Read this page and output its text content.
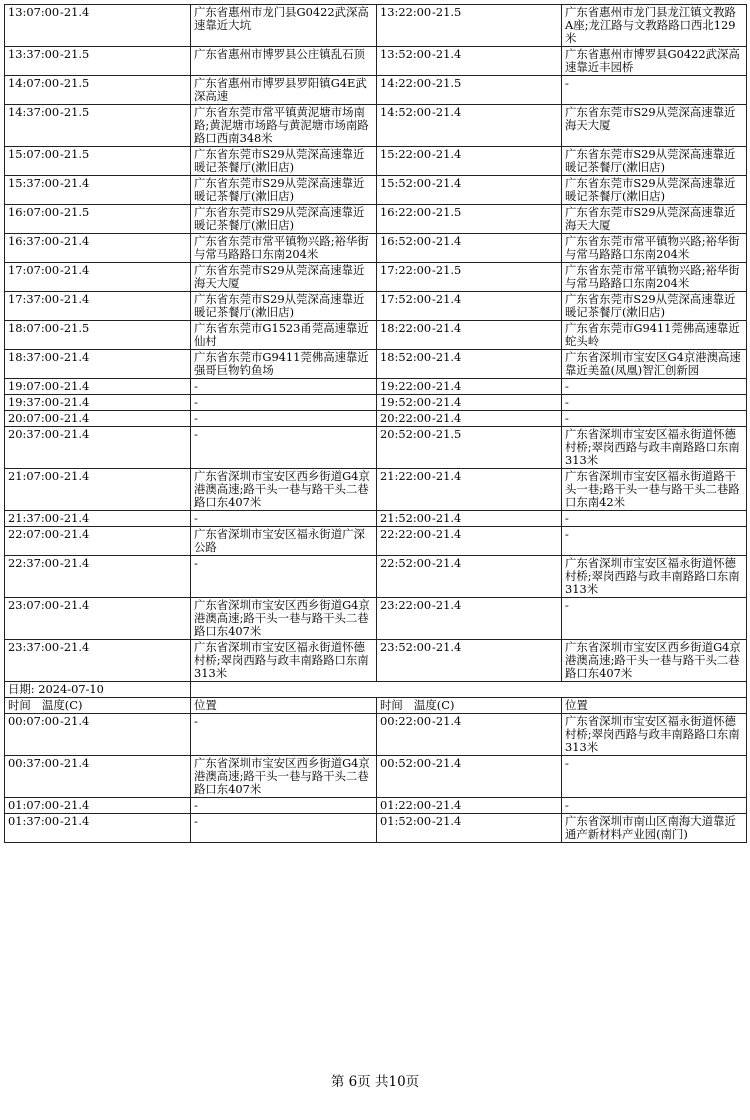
13:07:00-21.4	广东省惠州市龙门县G0422武深高速靠近大坑	13:22:00-21.5	广东省惠州市龙门县龙江镇文教路A座;龙江路与文教路路口西北129米
13:37:00-21.5	广东省惠州市博罗县公庄镇乱石顶	13:52:00-21.4	广东省惠州市博罗县G0422武深高速靠近丰园桥
14:07:00-21.5	广东省惠州市博罗县罗阳镇G4E武深高速	14:22:00-21.5	-
14:37:00-21.5	广东省东莞市常平镇黄泥塘市场南路;黄泥塘市场路与黄泥塘市场南路路口西南348米	14:52:00-21.4	广东省东莞市S29从莞深高速靠近海天大厦
15:07:00-21.5	广东省东莞市S29从莞深高速靠近暖记茶餐厅(漱旧店)	15:22:00-21.4	广东省东莞市S29从莞深高速靠近暖记茶餐厅(漱旧店)
15:37:00-21.4	广东省东莞市S29从莞深高速靠近暖记茶餐厅(漱旧店)	15:52:00-21.4	广东省东莞市S29从莞深高速靠近暖记茶餐厅(漱旧店)
16:07:00-21.5	广东省东莞市S29从莞深高速靠近暖记茶餐厅(漱旧店)	16:22:00-21.5	广东省东莞市S29从莞深高速靠近海天大厦
16:37:00-21.4	广东省东莞市常平镇物兴路;裕华街与常马路路口东南204米	16:52:00-21.4	广东省东莞市常平镇物兴路;裕华街与常马路路口东南204米
17:07:00-21.4	广东省东莞市S29从莞深高速靠近海天大厦	17:22:00-21.5	广东省东莞市常平镇物兴路;裕华街与常马路路口东南204米
17:37:00-21.4	广东省东莞市S29从莞深高速靠近暖记茶餐厅(漱旧店)	17:52:00-21.4	广东省东莞市S29从莞深高速靠近暖记茶餐厅(漱旧店)
18:07:00-21.5	广东省东莞市G1523甬莞高速靠近仙村	18:22:00-21.4	广东省东莞市G9411莞佛高速靠近蛇头岭
18:37:00-21.4	广东省东莞市G9411莞佛高速靠近强哥巨物钓鱼场	18:52:00-21.4	广东省深圳市宝安区G4京港澳高速靠近美盈(凤凰)智汇创新园
19:07:00-21.4	-	19:22:00-21.4	-
19:37:00-21.4	-	19:52:00-21.4	-
20:07:00-21.4	-	20:22:00-21.4	-
20:37:00-21.4	-	20:52:00-21.5	广东省深圳市宝安区福永街道怀德村桥;翠岗西路与政丰南路路口东南313米
21:07:00-21.4	广东省深圳市宝安区西乡街道G4京港澳高速;路干头一巷与路干头二巷路口东407米	21:22:00-21.4	广东省深圳市宝安区福永街道路干头一巷;路干头一巷与路干头二巷路口东南42米
21:37:00-21.4	-	21:52:00-21.4	-
22:07:00-21.4	广东省深圳市宝安区福永街道广深公路	22:22:00-21.4	-
22:37:00-21.4	-	22:52:00-21.4	广东省深圳市宝安区福永街道怀德村桥;翠岗西路与政丰南路路口东南313米
23:07:00-21.4	广东省深圳市宝安区西乡街道G4京港澳高速;路干头一巷与路干头二巷路口东407米	23:22:00-21.4	-
23:37:00-21.4	广东省深圳市宝安区福永街道怀德村桥;翠岗西路与政丰南路路口东南313米	23:52:00-21.4	广东省深圳市宝安区西乡街道G4京港澳高速;路干头一巷与路干头二巷路口东407米
日期: 2024-07-10			
时间 温度(C)	位置	时间 温度(C)	位置
00:07:00-21.4	-	00:22:00-21.4	广东省深圳市宝安区福永街道怀德村桥;翠岗西路与政丰南路路口东南313米
00:37:00-21.4	广东省深圳市宝安区西乡街道G4京港澳高速;路干头一巷与路干头二巷路口东407米	00:52:00-21.4	-
01:07:00-21.4	-	01:22:00-21.4	-
01:37:00-21.4	-	01:52:00-21.4	广东省深圳市南山区南海大道靠近通产新材料产业园(南门)
第 6页 共10页
